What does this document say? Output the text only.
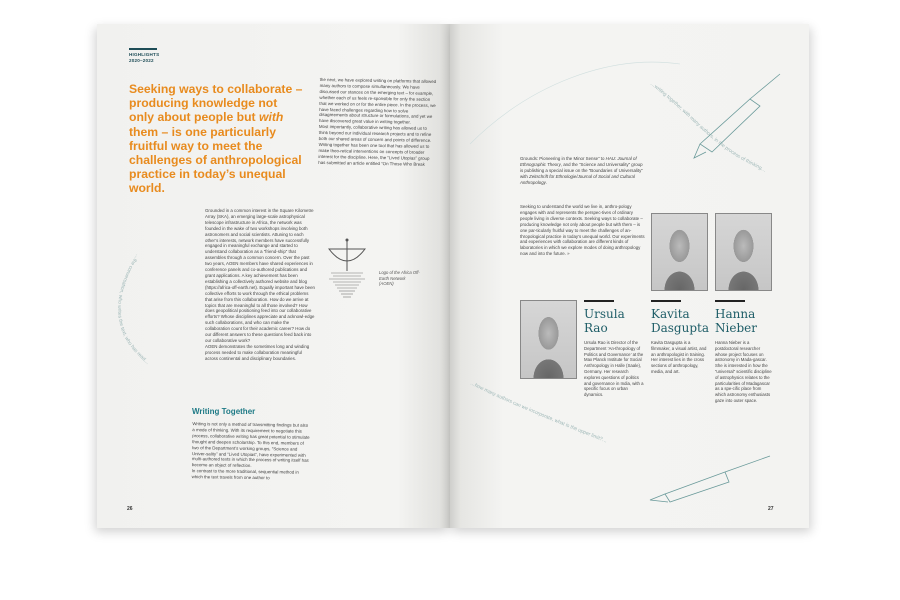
…the conversation, who writes the text, who has read…
HIGHLIGHTS
2020–2022
Seeking ways to collaborate – producing knowledge not only about people but with them – is one particularly fruitful way to meet the challenges of anthropological practice in today’s unequal world.
Grounded in a common interest in the Square Kilometre Array (SKA), an emerging large-scale astrophysical telescope infrastructure in Africa, the network was founded in the wake of two workshops involving both astronomers and social scientists. Attuning to each other’s interests, network members have successfully engaged in meaningful exchange and started to understand collaboration as a “friend-ship” that assembles through a common concern. Over the past two years, AOEN members have shared experiences in conference panels and co-authored publications and grant applications. A key achievement has been establishing a collectively authored website and blog (https://africa-off-earth.net). Equally important have been collective efforts to work through the ethical problems that arise from this collaboration. How do we arrive at topics that are meaningful to all those involved? How does geopolitical positioning feed into our collaborative efforts? Whose disciplines appreciate and acknowl-edge such collaborations, and who can make the collaboration count for their academic career? How do our different answers to these questions feed back into our collaborative work?
AOEN demonstrates the sometimes long and winding process needed to make collaboration meaningful across continental and disciplinary boundaries.
Logo of the Africa Off-Earth Network (AOEN)
Writing Together
Writing is not only a method of transmitting findings but also a mode of thinking. With its requirement to negotiate this process, collaborative writing has great potential to stimulate thought and deepen scholarship. To this end, members of two of the Department’s working groups, “Science and Univer-sality” and “Lived Utopias”, have experimented with multi-authored texts in which the process of writing itself has become an object of reflection.
In contrast to the more traditional, sequential method in which the text travels from one author to
the next, we have explored writing on platforms that allowed many authors to compose simultaneously. We have discussed our stances on the emerging text – for example, whether each of us feels re-sponsible for only the section that we worked on or for the entire piece. In the process, we have faced challenges regarding how to solve disagreements about structure or formulations, and yet we have discovered great value in writing together.
Most importantly, collaborative writing has allowed us to think beyond our individual research projects and to refine both our shared areas of concern and points of difference. Writing together has been one tool that has allowed us to make theo-retical interventions on concepts of broader interest for the discipline. Here, the “Lived Utopias” group has submitted an article entitled “On Those Who Break
26
…writing together, with many authors, in the process of thinking…
…how many authors can we incorporate, what is the upper limit?…
Grounds: Pioneering in the Minor Sense” to HAU: Journal of Ethnographic Theory, and the “Science and Universality” group is publishing a special issue on the “Boundaries of Universality” with Zeitschrift für Ethnologie/Journal of Social and Cultural Anthropology.
Seeking to understand the world we live in, anthro-pology engages with and represents the perspec-tives of ordinary people living in diverse contexts. Seeking ways to collaborate – producing knowledge not only about people but with them – is one par-ticularly fruitful way to meet the challenges of an-thropological practice in today’s unequal world. Our experiments and experiences with collaboration are different kinds of laboratories in which we explore modes of doing anthropology now and into the future. »
Ursula
Rao
Ursula Rao is Director of the Department ‘An-thropology of Politics and Governance’ at the Max Planck Institute for Social Anthropology in Halle (Saale), Germany. Her research explores questions of politics and governance in India, with a specific focus on urban dynamics.
Kavita
Dasgupta
Kavita Dasgupta is a filmmaker, a visual artist, and an anthropologist in training. Her interest lies in the cross sections of anthropology, media, and art.
Hanna
Nieber
Hanna Nieber is a postdoctoral researcher whose project focuses on astronomy in Mada-gascar. She is interested in how the “universal” scientific discipline of astrophysics relates to the particularities of Madagascar as a spe-cific place from which astronomy enthusiasts gaze into outer space.
27
